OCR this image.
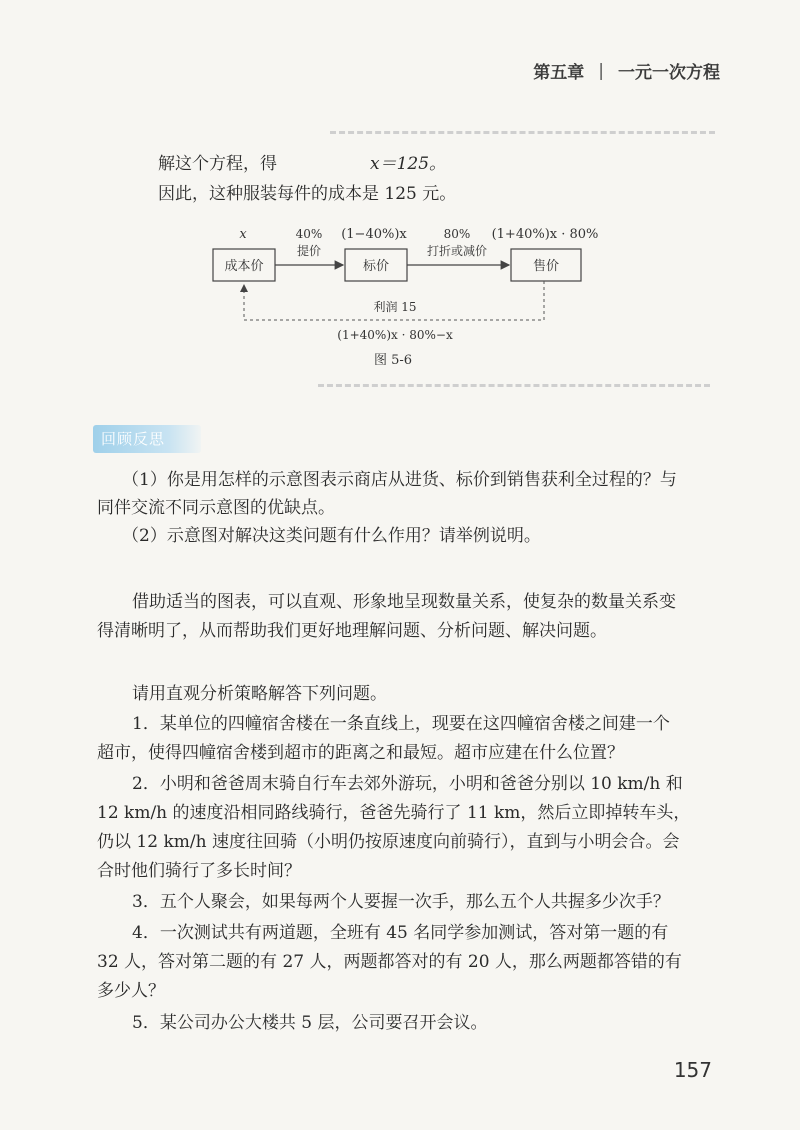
第五章 | 一元一次方程
解这个方程，得	x＝125。
因此，这种服装每件的成本是 125 元。
x	(1−40%)x	(1+40%)x · 80%
成本价	标价	售价
40%
提价
80%
打折或减价
利润 15
(1+40%)x · 80%−x
图 5-6
回顾反思
（1）你是用怎样的示意图表示商店从进货、标价到销售获利全过程的？与
同伴交流不同示意图的优缺点。
（2）示意图对解决这类问题有什么作用？请举例说明。
借助适当的图表，可以直观、形象地呈现数量关系，使复杂的数量关系变
得清晰明了，从而帮助我们更好地理解问题、分析问题、解决问题。
请用直观分析策略解答下列问题。
1．某单位的四幢宿舍楼在一条直线上，现要在这四幢宿舍楼之间建一个
超市，使得四幢宿舍楼到超市的距离之和最短。超市应建在什么位置？
2．小明和爸爸周末骑自行车去郊外游玩，小明和爸爸分别以 10 km/h 和
12 km/h 的速度沿相同路线骑行，爸爸先骑行了 11 km，然后立即掉转车头，
仍以 12 km/h 速度往回骑（小明仍按原速度向前骑行），直到与小明会合。会
合时他们骑行了多长时间？
3．五个人聚会，如果每两个人要握一次手，那么五个人共握多少次手？
4．一次测试共有两道题，全班有 45 名同学参加测试，答对第一题的有
32 人，答对第二题的有 27 人，两题都答对的有 20 人，那么两题都答错的有
多少人？
5．某公司办公大楼共 5 层，公司要召开会议。
157
